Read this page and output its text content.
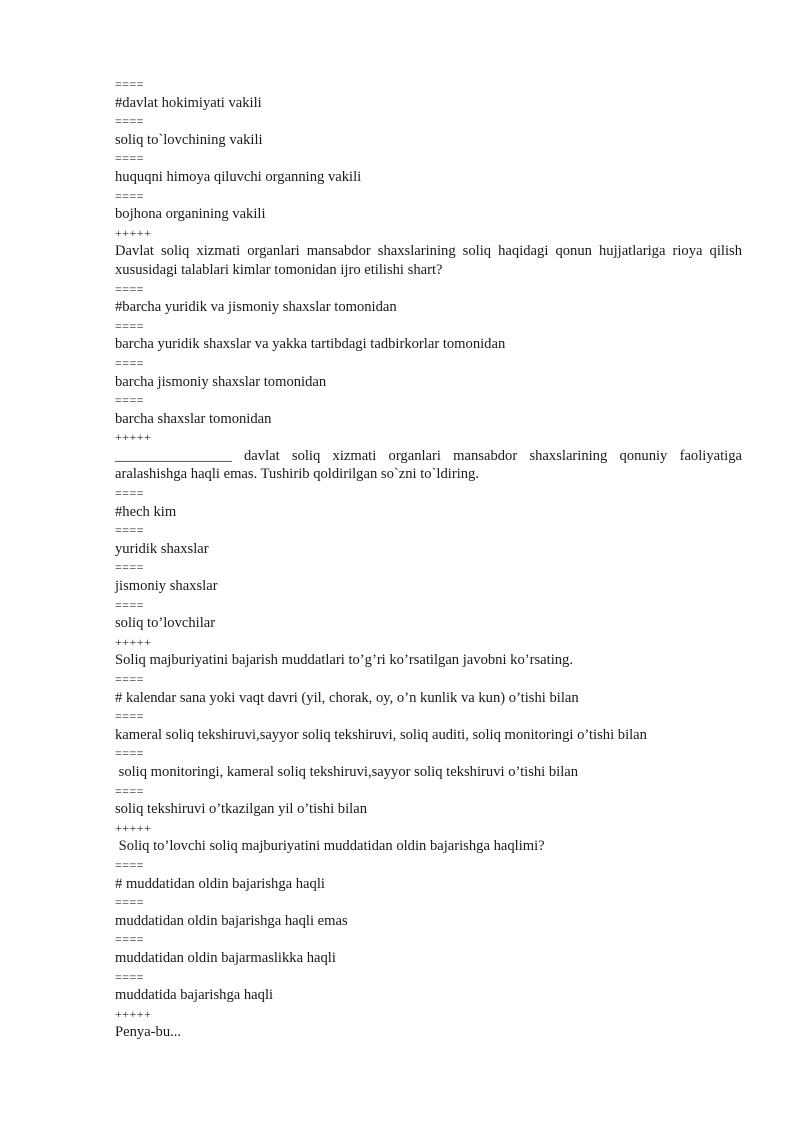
====

#davlat hokimiyati vakili

====

soliq to`lovchining vakili

====

huquqni himoya qiluvchi organning vakili

====

bojhona organining vakili

+++++

Davlat soliq xizmati organlari mansabdor shaxslarining soliq haqidagi qonun hujjatlariga rioya qilish xususidagi talablari kimlar tomonidan ijro etilishi shart?

====

#barcha yuridik va jismoniy shaxslar tomonidan

====

barcha yuridik shaxslar va yakka tartibdagi tadbirkorlar tomonidan

====

barcha jismoniy shaxslar tomonidan

====

barcha shaxslar tomonidan

+++++

________________ davlat soliq xizmati organlari mansabdor shaxslarining qonuniy faoliyatiga aralashishga haqli emas. Tushirib qoldirilgan so`zni to`ldiring.

====

#hech kim

====

yuridik shaxslar

====

jismoniy shaxslar

====

soliq to’lovchilar

+++++

Soliq majburiyatini bajarish muddatlari to’g’ri ko’rsatilgan javobni ko’rsating.

====

# kalendar sana yoki vaqt davri (yil, chorak, oy, o’n kunlik va kun) o’tishi bilan

====

kameral soliq tekshiruvi,sayyor soliq tekshiruvi, soliq auditi, soliq monitoringi o’tishi bilan

====

soliq monitoringi, kameral soliq tekshiruvi,sayyor soliq tekshiruvi o’tishi bilan

====

soliq tekshiruvi o’tkazilgan yil o’tishi bilan

+++++

Soliq to’lovchi soliq majburiyatini muddatidan oldin bajarishga haqlimi?

====

# muddatidan oldin bajarishga haqli

====

muddatidan oldin bajarishga haqli emas

====

muddatidan oldin bajarmaslikka haqli

====

muddatida bajarishga haqli

+++++

Penya-bu...
